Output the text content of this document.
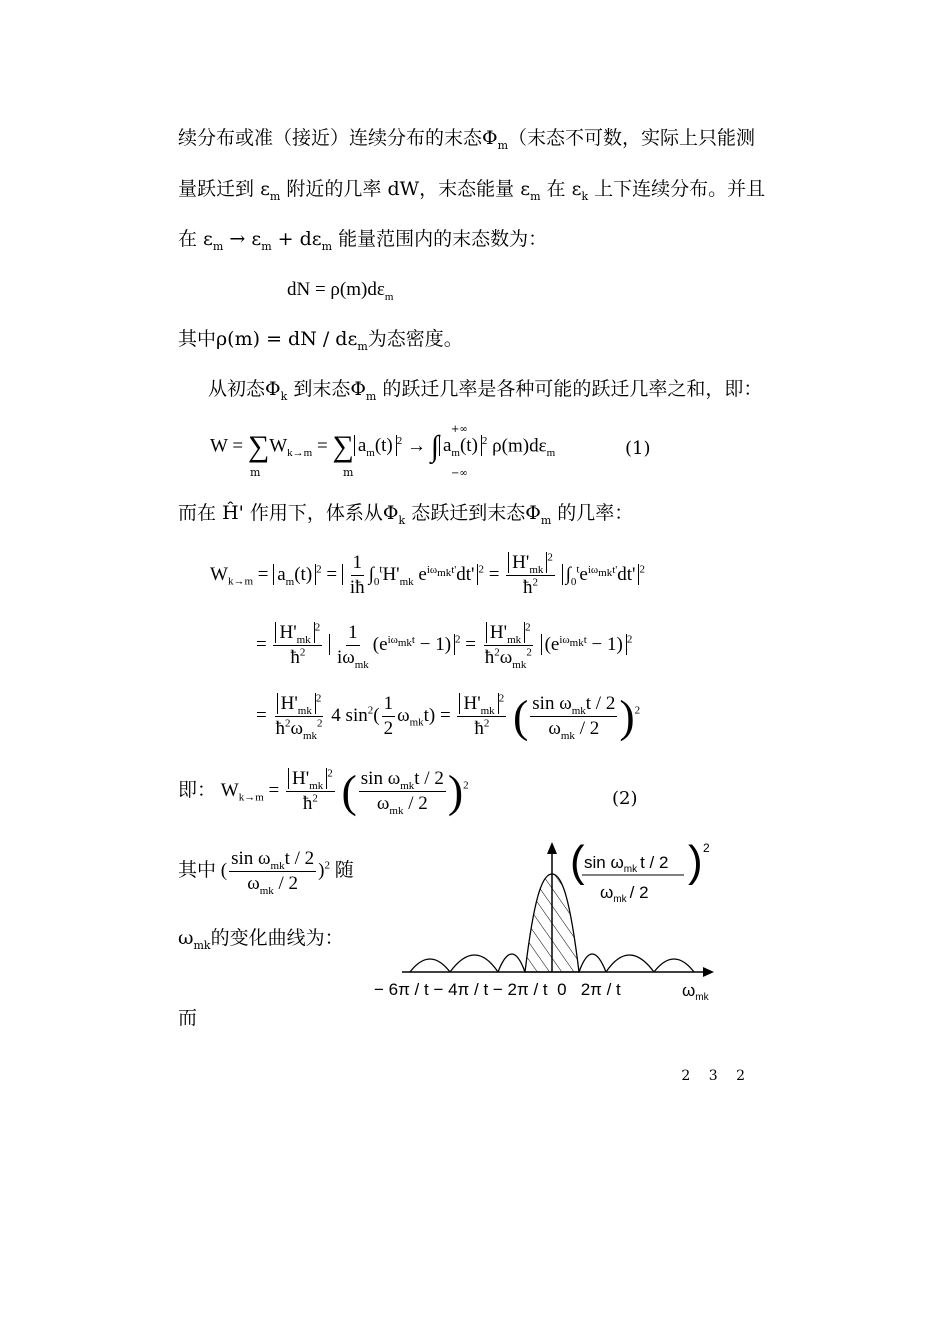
续分布或准（接近）连续分布的末态$\Phi_m$（末态不可数，实际上只能测
量跃迁到 $\varepsilon_m$ 附近的几率 dW，末态能量 $\varepsilon_m$ 在 $\varepsilon_k$ 上下连续分布。并且
在 $\varepsilon_m \to \varepsilon_m + d\varepsilon_m$ 能量范围内的末态数为：
dN = $\rho(m)d\varepsilon_m$
其中ρ(m) = dN / $d\varepsilon_m$为态密度。
从初态$\Phi_k$ 到末态$\Phi_m$ 的跃迁几率是各种可能的跃迁几率之和，即：
$W = \sum W_{k\to m}$ = ∑ $a_m(t) ^2$ → ∫ $a_m(t)$ $^2$ $\rho(m)d\varepsilon_m$
m	m
+∞
−∞
(1)
而在 Ĥ' 作用下，体系从$\Phi_k$ 态跃迁到末态$\Phi_m$ 的几率：
$W_{k\to m} = a_m(t) ^2 = \frac{1}{iħ} \int_0^tH'_{mk}$ $e^{i\omega_{mk}t'}dt'$ $^2 = \frac{H'_{mk}^2}{ħ^2} \int_0^te^{i\omega_{mk}t'}dt'$ $^2$
= $\frac{H'_{mk}^2}{ħ^2}$
$\frac{1}{i\omega_{mk}} (e^{i\omega_{mk}t} - 1) ^2 = \frac{H'_{mk}^2}{ħ^2\omega_{mk}^2} (e^{i\omega_{mk}t} - 1)$ $^2$
= $\frac{H'_{mk}^2}{ħ^2\omega_{mk}^2} 4$ $\sin^2( \frac{1}{2} \omega_{mk}t) = \frac{H'_{mk}^2}{ħ^2}$ ( $\frac{\sin \omega_{mk}t / 2}{\omega_{mk} / 2} )^2$
即： $W_{k\to m} = \frac{H'_{mk}^2}{ħ^2}$ ( $\frac{\sin \omega_{mk}t / 2}{\omega_{mk} / 2} )^2$
(2)
其中 ( $\frac{\sin \omega_{mk}t / 2}{\omega_{mk} / 2} )^2$ 随
$\omega_{mk}$的变化曲线为：
( )
$\sin \omega_{mk}$ t / 2
$\omega_{mk} / 2$
2
− 6π / t − 4π / t − 2π / t  0   2π / t	$\omega_{mk}$
而
2 3 2
